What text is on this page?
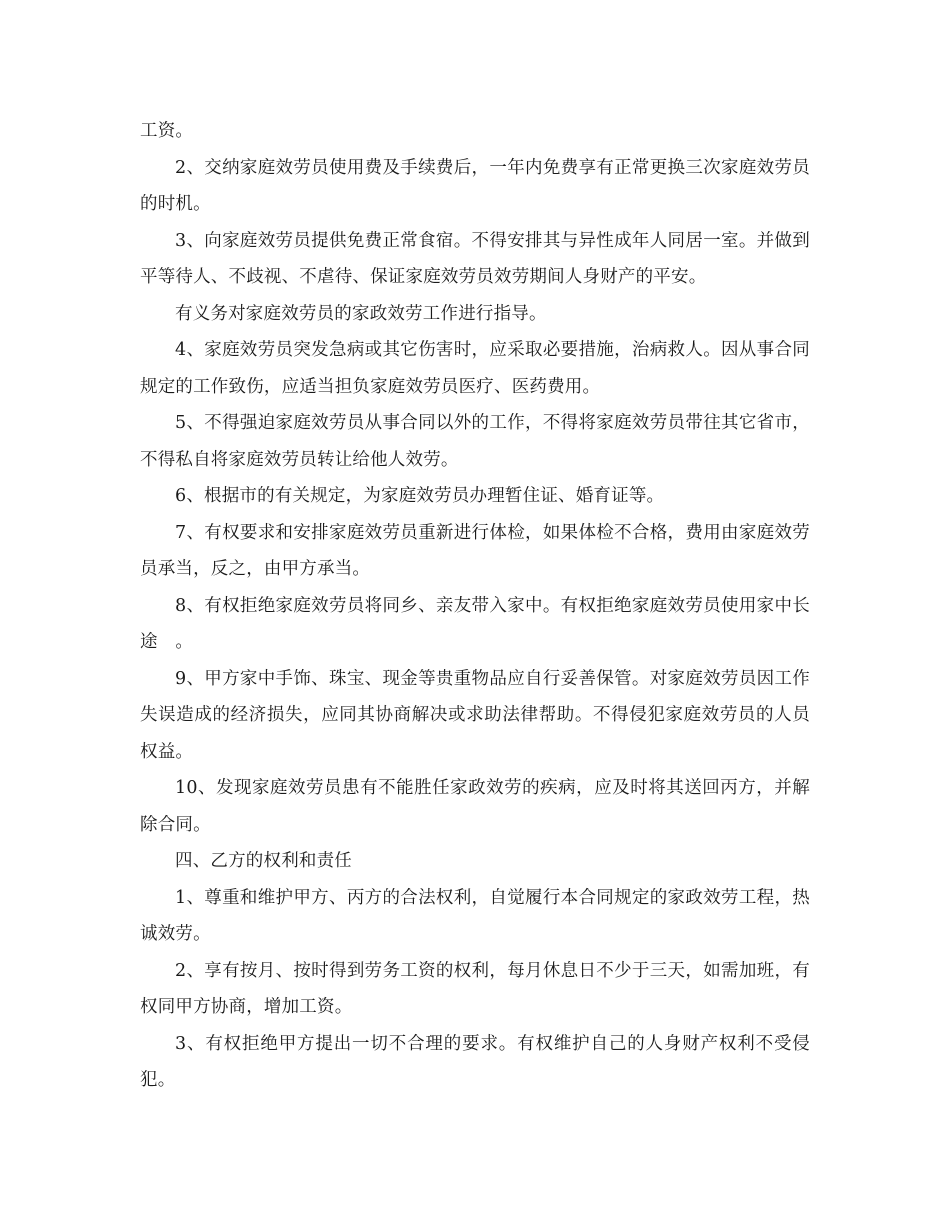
工资。

2、交纳家庭效劳员使用费及手续费后，一年内免费享有正常更换三次家庭效劳员的时机。

3、向家庭效劳员提供免费正常食宿。不得安排其与异性成年人同居一室。并做到平等待人、不歧视、不虐待、保证家庭效劳员效劳期间人身财产的平安。

有义务对家庭效劳员的家政效劳工作进行指导。

4、家庭效劳员突发急病或其它伤害时，应采取必要措施，治病救人。因从事合同规定的工作致伤，应适当担负家庭效劳员医疗、医药费用。

5、不得强迫家庭效劳员从事合同以外的工作，不得将家庭效劳员带往其它省市，不得私自将家庭效劳员转让给他人效劳。

6、根据市的有关规定，为家庭效劳员办理暂住证、婚育证等。

7、有权要求和安排家庭效劳员重新进行体检，如果体检不合格，费用由家庭效劳员承当，反之，由甲方承当。

8、有权拒绝家庭效劳员将同乡、亲友带入家中。有权拒绝家庭效劳员使用家中长途　。

9、甲方家中手饰、珠宝、现金等贵重物品应自行妥善保管。对家庭效劳员因工作失误造成的经济损失，应同其协商解决或求助法律帮助。不得侵犯家庭效劳员的人员权益。

10、发现家庭效劳员患有不能胜任家政效劳的疾病，应及时将其送回丙方，并解除合同。

四、乙方的权利和责任

1、尊重和维护甲方、丙方的合法权利，自觉履行本合同规定的家政效劳工程，热诚效劳。

2、享有按月、按时得到劳务工资的权利，每月休息日不少于三天，如需加班，有权同甲方协商，增加工资。

3、有权拒绝甲方提出一切不合理的要求。有权维护自己的人身财产权利不受侵犯。
